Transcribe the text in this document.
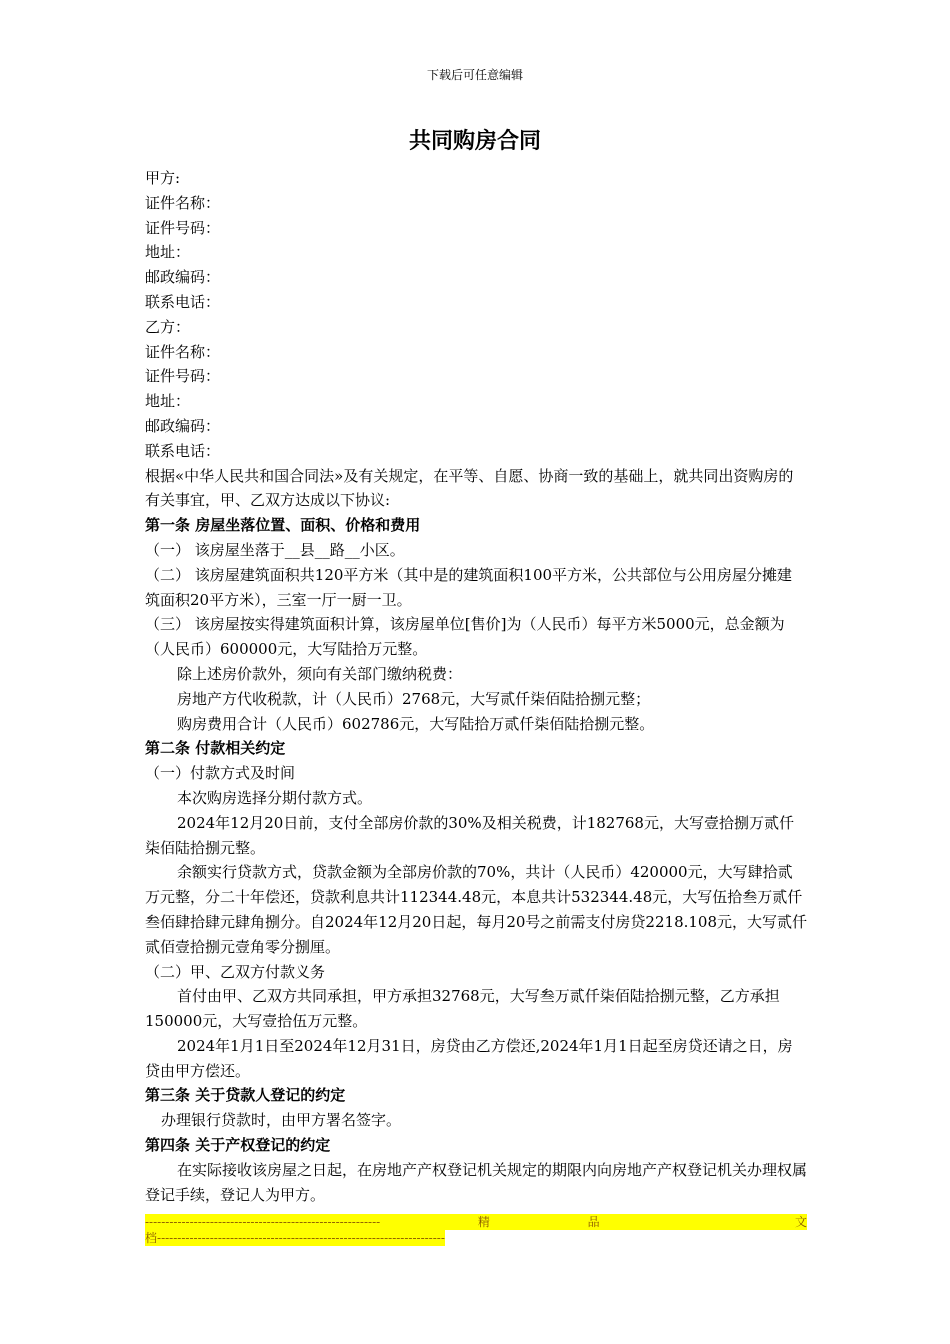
下载后可任意编辑
共同购房合同

甲方:

证件名称：

证件号码：

地址：

邮政编码：

联系电话：

乙方：

证件名称：

证件号码：

地址：

邮政编码：

联系电话：

根据«中华人民共和国合同法»及有关规定，在平等、自愿、协商一致的基础上，就共同出资购房的有关事宜，甲、乙双方达成以下协议:

第一条 房屋坐落位置、面积、价格和费用

（一） 该房屋坐落于__县__路__小区。

（二） 该房屋建筑面积共120平方米（其中是的建筑面积100平方米，公共部位与公用房屋分摊建筑面积20平方米），三室一厅一厨一卫。

（三） 该房屋按实得建筑面积计算，该房屋单位[售价]为（人民币）每平方米5000元，总金额为（人民币）600000元，大写陆拾万元整。

除上述房价款外，须向有关部门缴纳税费：

房地产方代收税款，计（人民币）2768元，大写贰仟柒佰陆拾捌元整；

购房费用合计（人民币）602786元，大写陆拾万贰仟柒佰陆拾捌元整。

第二条 付款相关约定

（一）付款方式及时间

本次购房选择分期付款方式。

2024年12月20日前，支付全部房价款的30%及相关税费，计182768元，大写壹拾捌万贰仟柒佰陆拾捌元整。

余额实行贷款方式，贷款金额为全部房价款的70%，共计（人民币）420000元，大写肆拾贰万元整，分二十年偿还，贷款利息共计112344.48元，本息共计532344.48元，大写伍拾叁万贰仟叁佰肆拾肆元肆角捌分。自2024年12月20日起，每月20号之前需支付房贷2218.108元，大写贰仟贰佰壹拾捌元壹角零分捌厘。

（二）甲、乙双方付款义务

首付由甲、乙双方共同承担，甲方承担32768元，大写叁万贰仟柒佰陆拾捌元整，乙方承担150000元，大写壹拾伍万元整。

2024年1月1日至2024年12月31日，房贷由乙方偿还,2024年1月1日起至房贷还请之日，房贷由甲方偿还。

第三条 关于贷款人登记的约定

办理银行贷款时，由甲方署名签字。

第四条 关于产权登记的约定

在实际接收该房屋之日起，在房地产产权登记机关规定的期限内向房地产产权登记机关办理权属登记手续，登记人为甲方。

----------------------------------------------------------	精	品	文
档-----------------------------------------------------------------------
